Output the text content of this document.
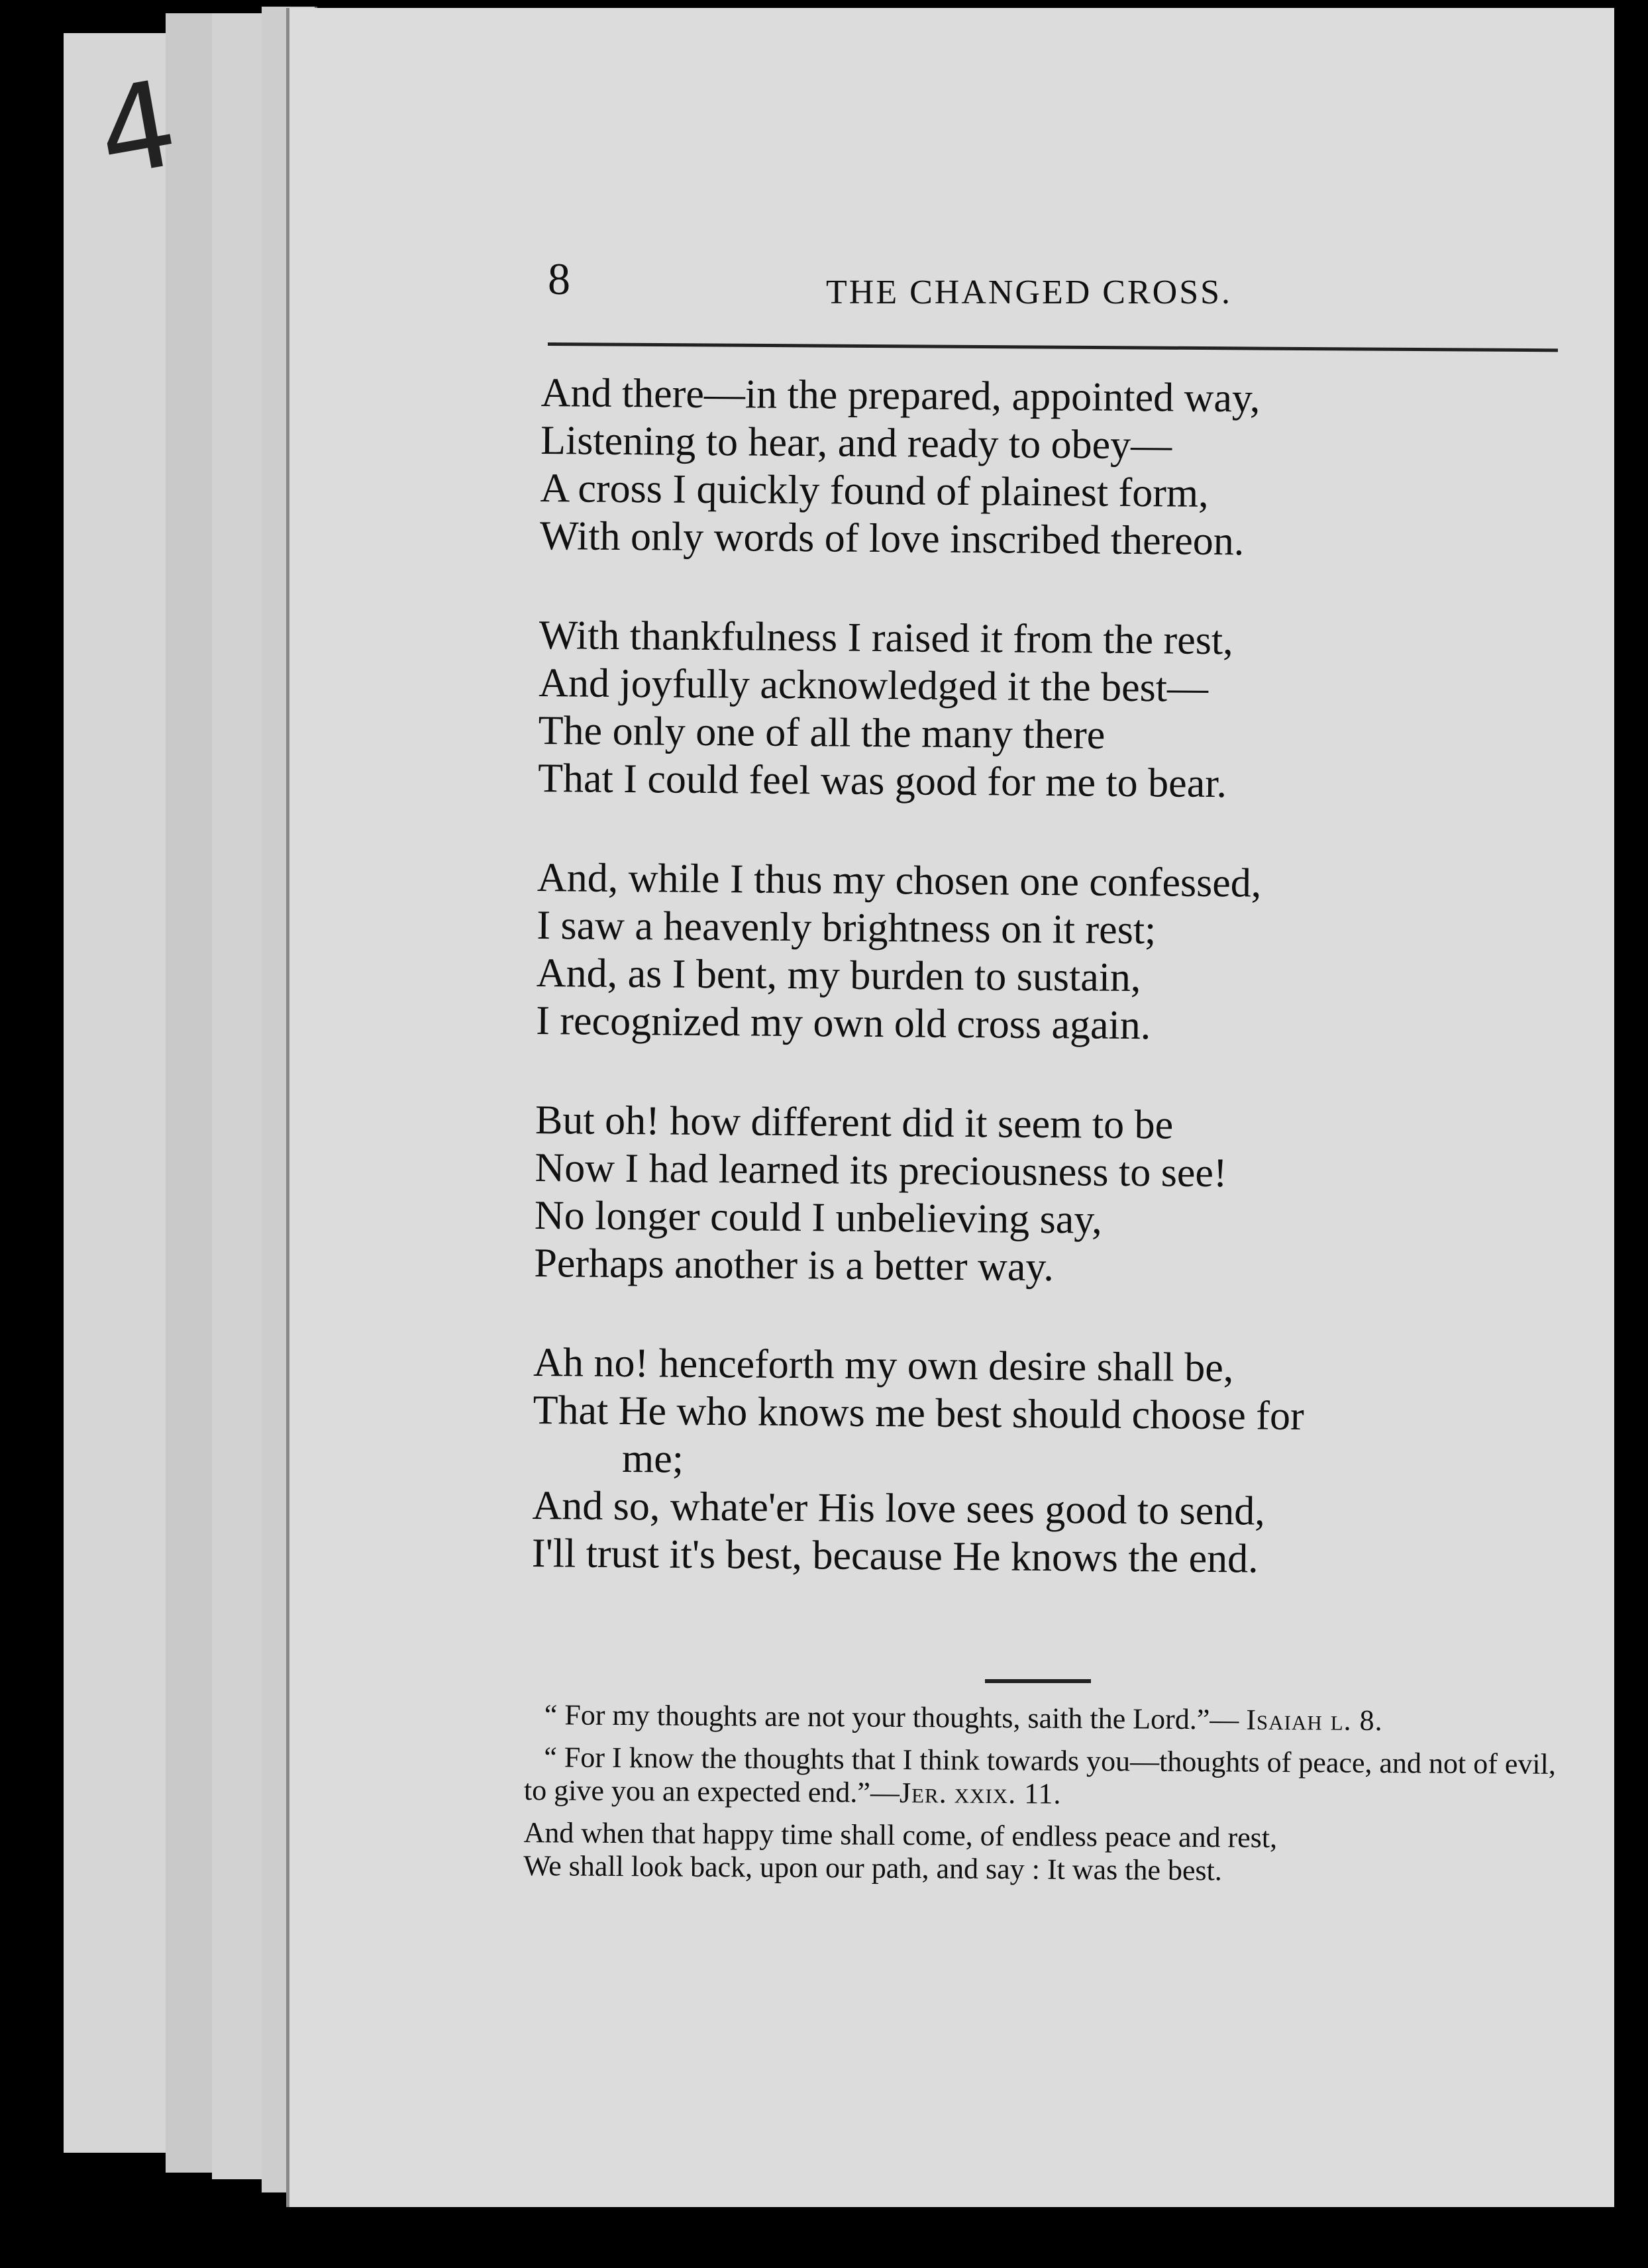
4
8	THE CHANGED CROSS.
And there—in the prepared, appointed way,
Listening to hear, and ready to obey—
A cross I quickly found of plainest form,
With only words of love inscribed thereon.
With thankfulness I raised it from the rest,
And joyfully acknowledged it the best—
The only one of all the many there
That I could feel was good for me to bear.
And, while I thus my chosen one confessed,
I saw a heavenly brightness on it rest;
And, as I bent, my burden to sustain,
I recognized my own old cross again.
But oh! how different did it seem to be
Now I had learned its preciousness to see!
No longer could I unbelieving say,
Perhaps another is a better way.
Ah no! henceforth my own desire shall be,
That He who knows me best should choose for
me;
And so, whate'er His love sees good to send,
I'll trust it's best, because He knows the end.

“ For my thoughts are not your thoughts, saith the Lord.”— Isaiah l. 8.

“ For I know the thoughts that I think towards you—thoughts of peace, and not of evil, to give you an expected end.”—Jer. xxix. 11.

And when that happy time shall come, of endless peace and rest,
We shall look back, upon our path, and say : It was the best.
